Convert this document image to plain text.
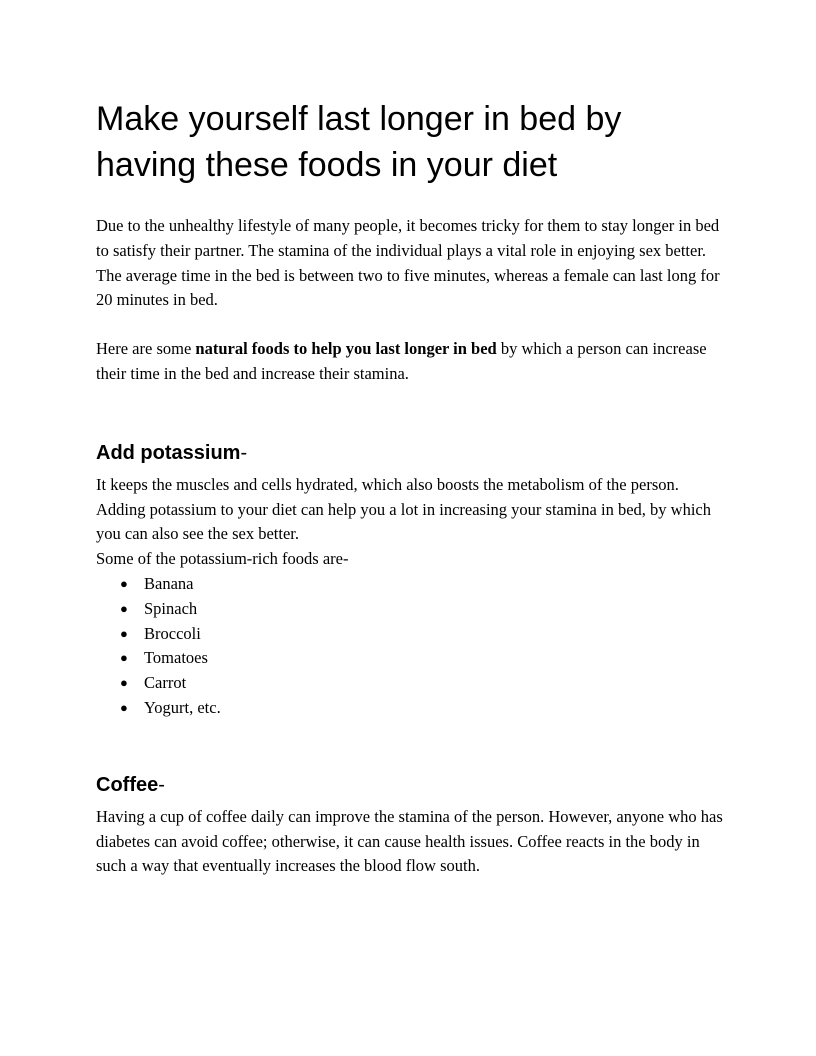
Make yourself last longer in bed by having these foods in your diet

Due to the unhealthy lifestyle of many people, it becomes tricky for them to stay longer in bed to satisfy their partner. The stamina of the individual plays a vital role in enjoying sex better. The average time in the bed is between two to five minutes, whereas a female can last long for 20 minutes in bed.

Here are some natural foods to help you last longer in bed by which a person can increase their time in the bed and increase their stamina.

Add potassium-

It keeps the muscles and cells hydrated, which also boosts the metabolism of the person. Adding potassium to your diet can help you a lot in increasing your stamina in bed, by which you can also see the sex better.

Some of the potassium-rich foods are-

● Banana
● Spinach
● Broccoli
● Tomatoes
● Carrot
● Yogurt, etc.
Coffee-

Having a cup of coffee daily can improve the stamina of the person. However, anyone who has diabetes can avoid coffee; otherwise, it can cause health issues. Coffee reacts in the body in such a way that eventually increases the blood flow south.
